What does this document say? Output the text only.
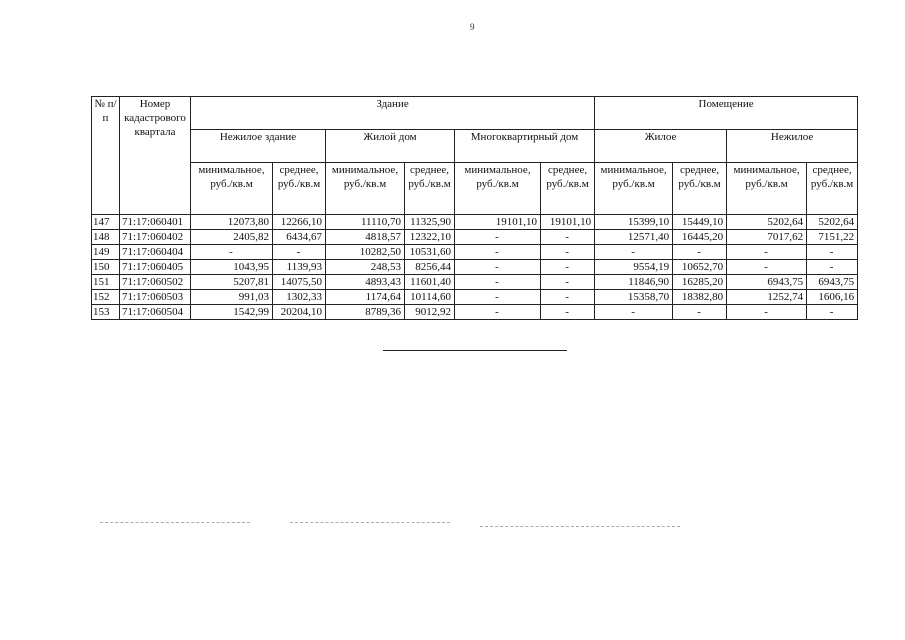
9
№ п/п	Номер кадастрового квартала	Здание						Помещение			
		Нежилое здание		Жилой дом		Многоквартирный дом		Жилое		Нежилое	
		минимальное, руб./кв.м	среднее, руб./кв.м	минимальное, руб./кв.м	среднее, руб./кв.м	минимальное, руб./кв.м	среднее, руб./кв.м	минимальное, руб./кв.м	среднее, руб./кв.м	минимальное, руб./кв.м	среднее, руб./кв.м
147	71:17:060401	12073,80	12266,10	11110,70	11325,90	19101,10	19101,10	15399,10	15449,10	5202,64	5202,64
148	71:17:060402	2405,82	6434,67	4818,57	12322,10	-	-	12571,40	16445,20	7017,62	7151,22
149	71:17:060404	-	-	10282,50	10531,60	-	-	-	-	-	-
150	71:17:060405	1043,95	1139,93	248,53	8256,44	-	-	9554,19	10652,70	-	-
151	71:17:060502	5207,81	14075,50	4893,43	11601,40	-	-	11846,90	16285,20	6943,75	6943,75
152	71:17:060503	991,03	1302,33	1174,64	10114,60	-	-	15358,70	18382,80	1252,74	1606,16
153	71:17:060504	1542,99	20204,10	8789,36	9012,92	-	-	-	-	-	-
